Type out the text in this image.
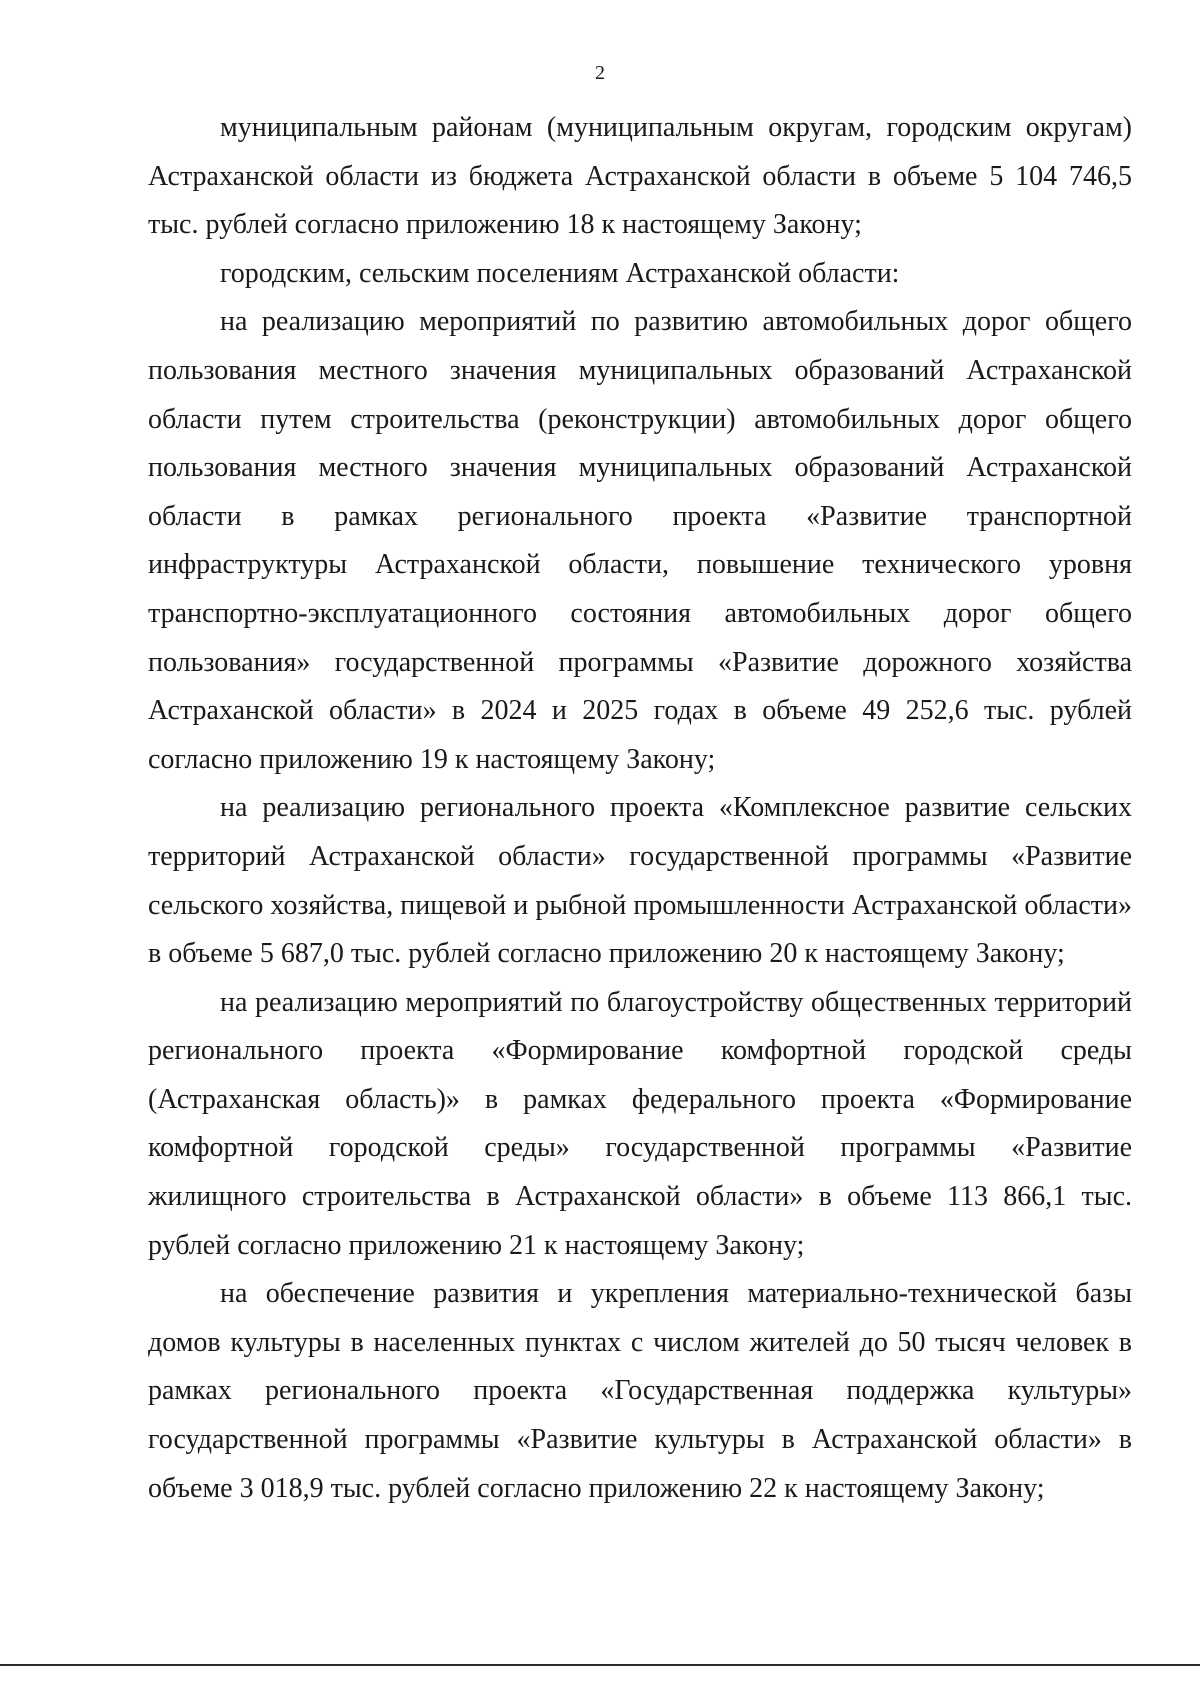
2

муниципальным районам (муниципальным округам, городским округам) Астраханской области из бюджета Астраханской области в объеме 5 104 746,5 тыс. рублей согласно приложению 18 к настоящему Закону;

городским, сельским поселениям Астраханской области:

на реализацию мероприятий по развитию автомобильных дорог общего пользования местного значения муниципальных образований Астраханской области путем строительства (реконструкции) автомобильных дорог общего пользования местного значения муниципальных образований Астраханской области в рамках регионального проекта «Развитие транспортной инфраструктуры Астраханской области, повышение технического уровня транспортно-эксплуатационного состояния автомобильных дорог общего пользования» государственной программы «Развитие дорожного хозяйства Астраханской области» в 2024 и 2025 годах в объеме 49 252,6 тыс. рублей согласно приложению 19 к настоящему Закону;

на реализацию регионального проекта «Комплексное развитие сельских территорий Астраханской области» государственной программы «Развитие сельского хозяйства, пищевой и рыбной промышленности Астраханской области» в объеме 5 687,0 тыс. рублей согласно приложению 20 к настоящему Закону;

на реализацию мероприятий по благоустройству общественных территорий регионального проекта «Формирование комфортной городской среды (Астраханская область)» в рамках федерального проекта «Формирование комфортной городской среды» государственной программы «Развитие жилищного строительства в Астраханской области» в объеме 113 866,1 тыс. рублей согласно приложению 21 к настоящему Закону;

на обеспечение развития и укрепления материально-технической базы домов культуры в населенных пунктах с числом жителей до 50 тысяч человек в рамках регионального проекта «Государственная поддержка культуры» государственной программы «Развитие культуры в Астраханской области» в объеме 3 018,9 тыс. рублей согласно приложению 22 к настоящему Закону;
